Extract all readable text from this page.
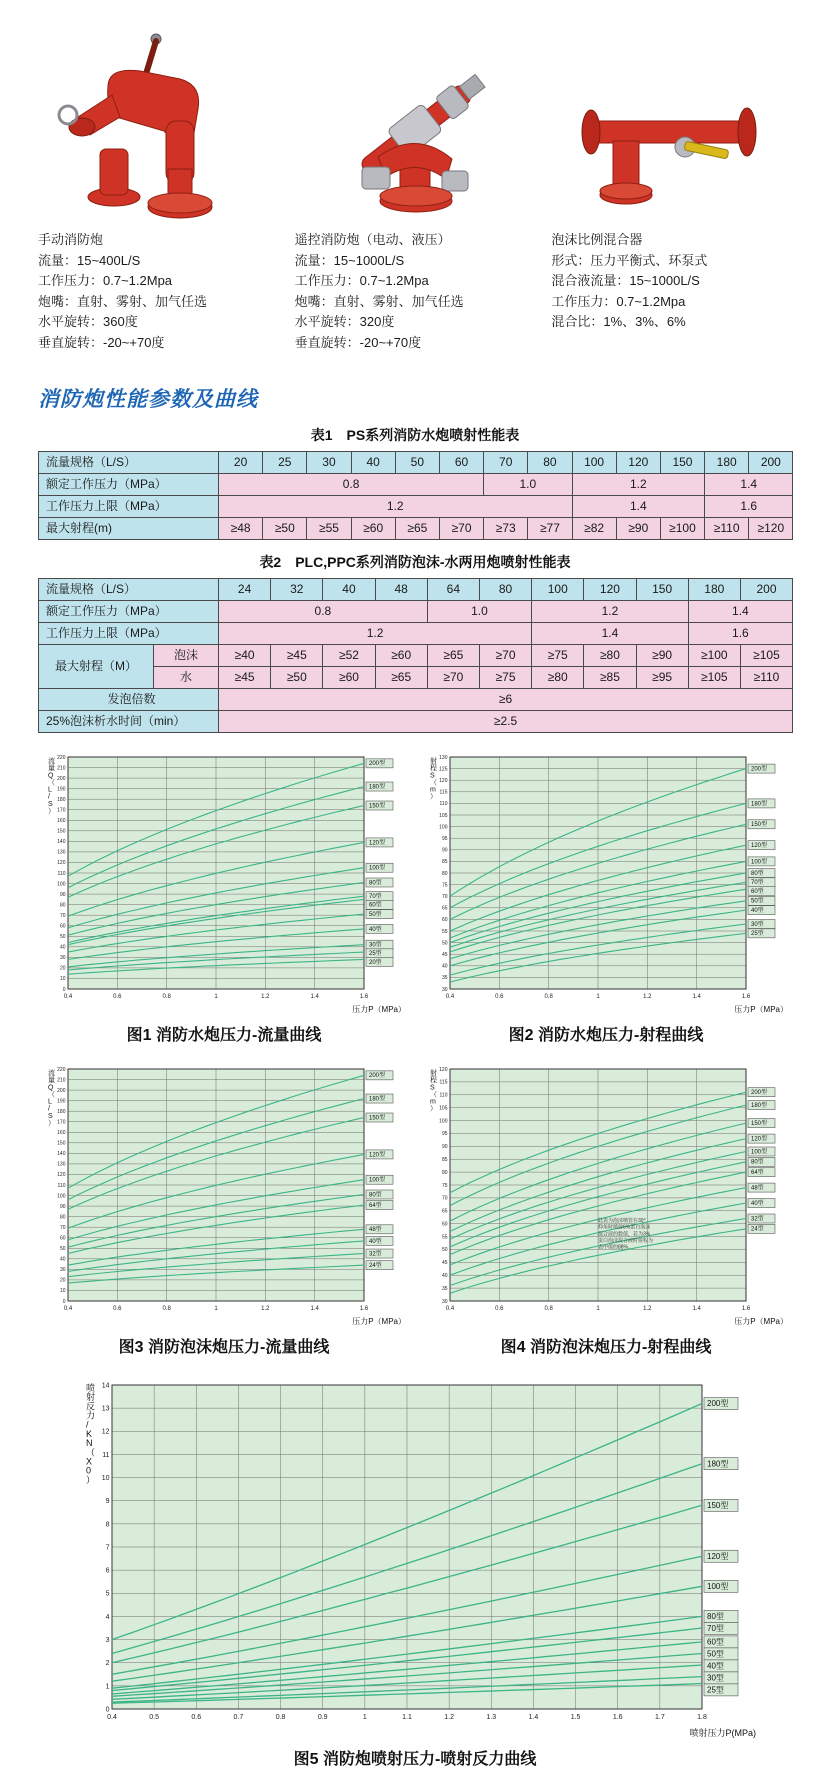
手动消防炮
流量：15~400L/S
工作压力：0.7~1.2Mpa
炮嘴：直射、雾射、加气任选
水平旋转：360度
垂直旋转：-20~+70度
遥控消防炮（电动、液压）
流量：15~1000L/S
工作压力：0.7~1.2Mpa
炮嘴：直射、雾射、加气任选
水平旋转：320度
垂直旋转：-20~+70度
泡沫比例混合器
形式：压力平衡式、环泵式
混合液流量：15~1000L/S
工作压力：0.7~1.2Mpa
混合比：1%、3%、6%
消防炮性能参数及曲线
表1　PS系列消防水炮喷射性能表
流量规格（L/S）	20	25	30	40	50	60	70	80	100	120	150	180	200
额定工作压力（MPa）	0.8						1.0		1.2			1.4	
工作压力上限（MPa）	1.2								1.4			1.6	
最大射程(m)	≥48	≥50	≥55	≥60	≥65	≥70	≥73	≥77	≥82	≥90	≥100	≥110	≥120
表2　PLC,PPC系列消防泡沫-水两用炮喷射性能表
流量规格（L/S）		24	32	40	48	64	80	100	120	150	180	200
额定工作压力（MPa）		0.8				1.0		1.2			1.4	
工作压力上限（MPa）		1.2						1.4			1.6	
最大射程（M）	泡沫	≥40	≥45	≥52	≥60	≥65	≥70	≥75	≥80	≥90	≥100	≥105
	水	≥45	≥50	≥60	≥65	≥70	≥75	≥80	≥85	≥95	≥105	≥110
发泡倍数		≥6										
25%泡沫析水时间（min）		≥2.5										
0
10
20
30
40
50
60
70
80
90
100
110
120
130
140
150
160
170
180
190
200
210
220
0.4	0.6	0.8	1	1.2	1.4	1.6
200型
180型
150型
120型
100型
80型
70型
60型
50型
40型
30型
25型
20型
压力P（MPa）
流量 Q （ L / S ）
图1 消防水炮压力-流量曲线
30
35
40
45
50
55
60
65
70
75
80
85
90
95
100
105
110
115
120
125
130
0.4	0.6	0.8	1	1.2	1.4	1.6
200型
180型
150型
120型
100型
80型
70型
60型
50型
40型
30型
25型
压力P（MPa）
射程 S （ m ）
图2 消防水炮压力-射程曲线
0
10
20
30
40
50
60
70
80
90
100
110
120
130
140
150
160
170
180
190
200
210
220
0.4	0.6	0.8	1	1.2	1.4	1.6
200型
180型
150型
120型
100型
80型
64型
48型
40型
32型
24型
压力P（MPa）
流量 Q （ L / S ）
图3 消防泡沫炮压力-流量曲线
30
35
40
45
50
55
60
65
70
75
80
85
90
95
100
105
110
115
120
0.4	0.6	0.8	1	1.2	1.4	1.6
200型
180型
150型
120型
100型
80型
64型
48型
40型
32型
24型
压力P（MPa）
射程 S （ m ）
此表为泡沫喷管在30°
仰角时喷射6%蛋白泡沫
混合液的数值，若为3%
蛋白泡沫混合液时射程为
表中值的88%。
图4 消防泡沫炮压力-射程曲线
0
1
2
3
4
5
6
7
8
9
10
11
12
13
14
0.4	0.5	0.6	0.7	0.8	0.9	1	1.1	1.2	1.3	1.4	1.5	1.6	1.7	1.8
200型
180型
150型
120型
100型
80型
70型
60型
50型
40型
30型
25型
喷射压力P(MPa)
喷射反力/ K N （ X 0 ）
图5 消防炮喷射压力-喷射反力曲线
